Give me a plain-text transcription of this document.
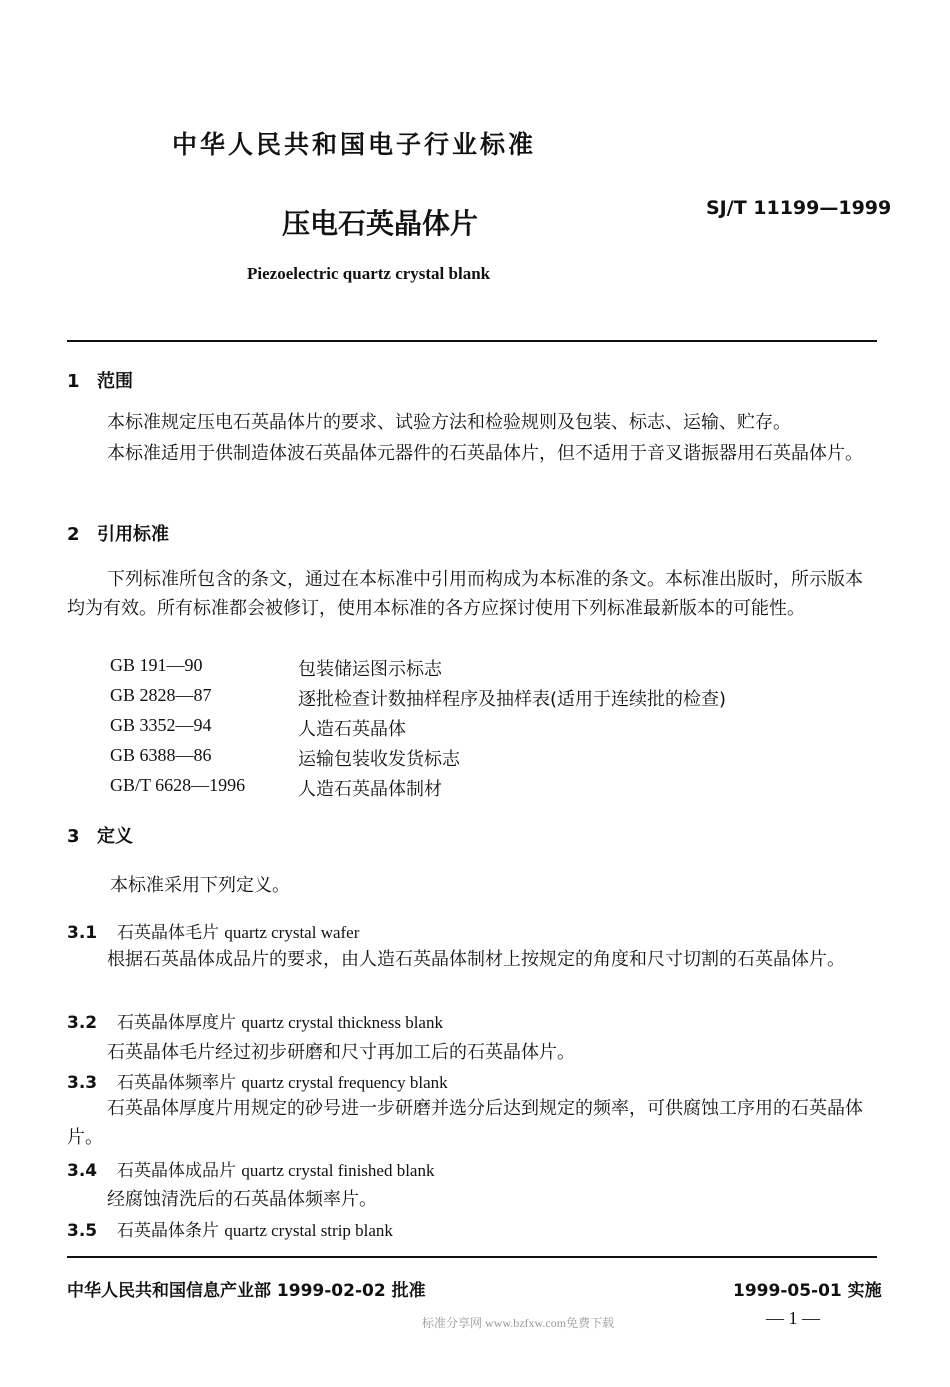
中华人民共和国电子行业标准
SJ/T 11199—1999
压电石英晶体片
Piezoelectric quartz crystal blank
1 范围
本标准规定压电石英晶体片的要求、试验方法和检验规则及包装、标志、运输、贮存。
本标准适用于供制造体波石英晶体元器件的石英晶体片，但不适用于音叉谐振器用石英晶体片。
2 引用标准
下列标准所包含的条文，通过在本标准中引用而构成为本标准的条文。本标准出版时，所示版本均为有效。所有标准都会被修订，使用本标准的各方应探讨使用下列标准最新版本的可能性。
GB 191—90	包装储运图示标志
GB 2828—87	逐批检查计数抽样程序及抽样表(适用于连续批的检查)
GB 3352—94	人造石英晶体
GB 6388—86	运输包装收发货标志
GB/T 6628—1996	人造石英晶体制材
3 定义
本标准采用下列定义。
3.1 石英晶体毛片 quartz crystal wafer
根据石英晶体成品片的要求，由人造石英晶体制材上按规定的角度和尺寸切割的石英晶体片。
3.2 石英晶体厚度片 quartz crystal thickness blank
石英晶体毛片经过初步研磨和尺寸再加工后的石英晶体片。
3.3 石英晶体频率片 quartz crystal frequency blank
石英晶体厚度片用规定的砂号进一步研磨并选分后达到规定的频率，可供腐蚀工序用的石英晶体片。
3.4 石英晶体成品片 quartz crystal finished blank
经腐蚀清洗后的石英晶体频率片。
3.5 石英晶体条片 quartz crystal strip blank
中华人民共和国信息产业部 1999-02-02 批准	1999-05-01 实施
标准分享网 www.bzfxw.com免费下载	— 1 —
